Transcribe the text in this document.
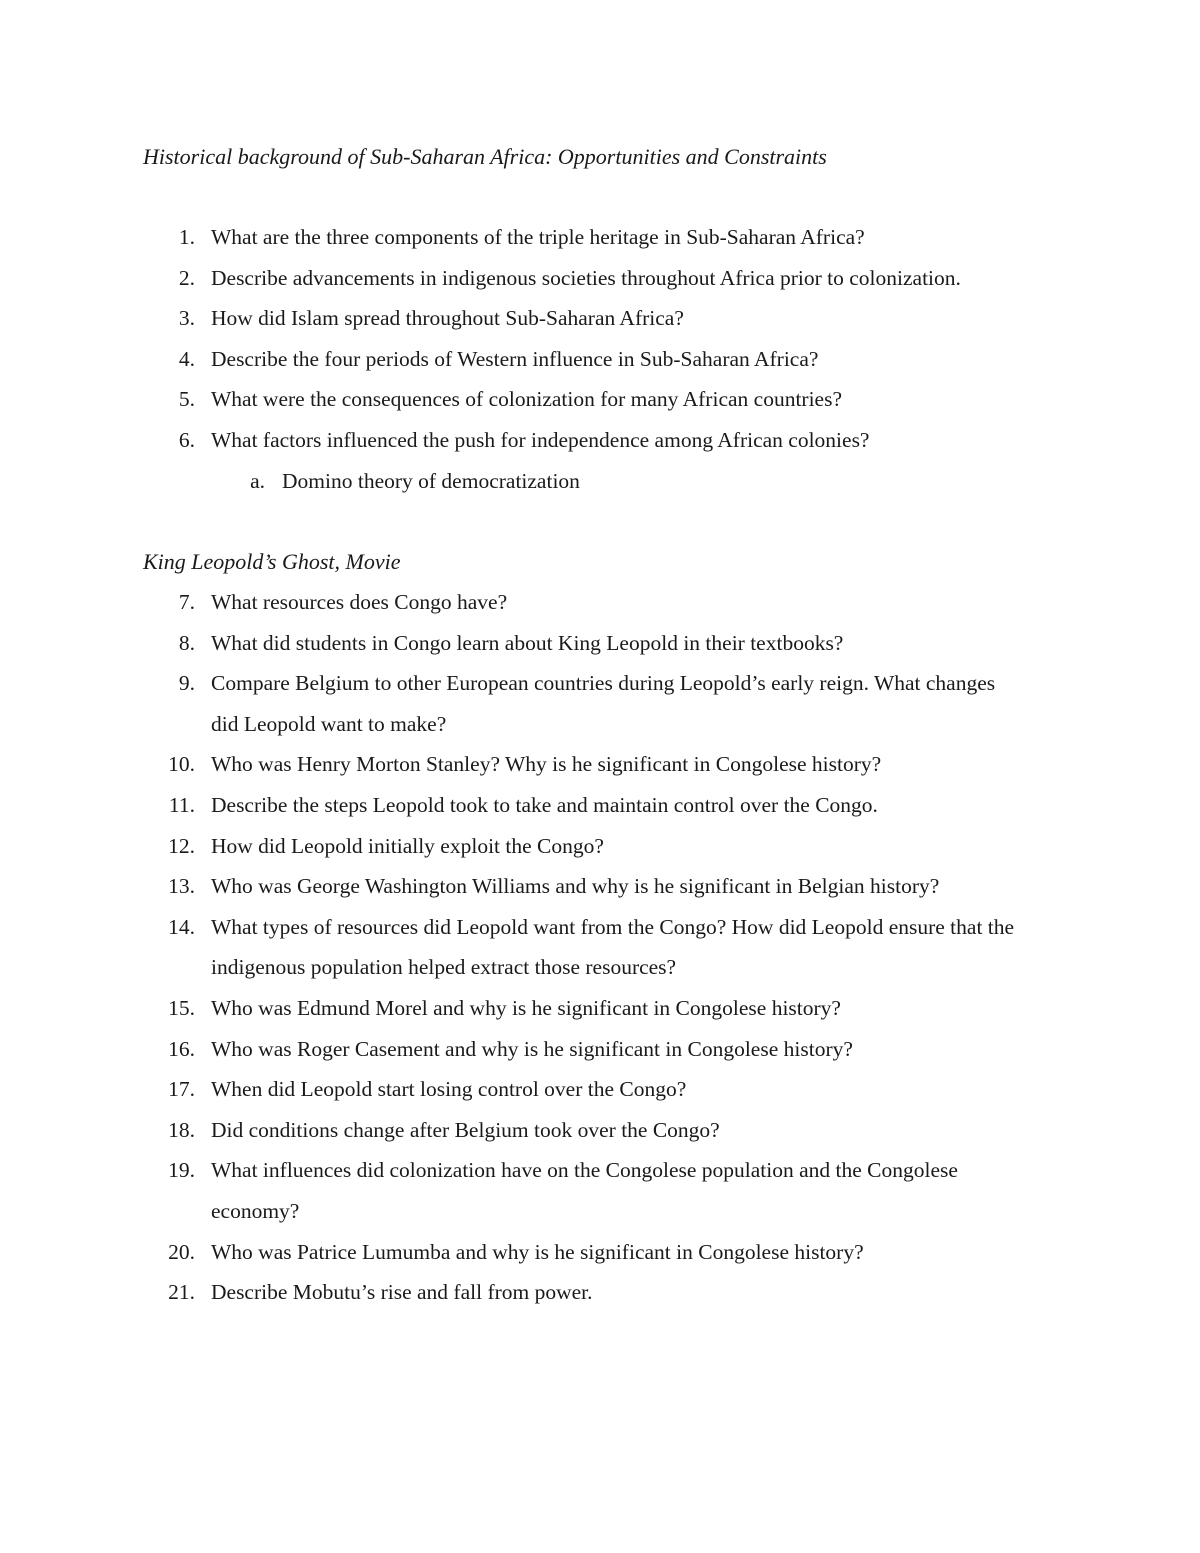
Historical background of Sub-Saharan Africa: Opportunities and Constraints
1. What are the three components of the triple heritage in Sub-Saharan Africa?
2. Describe advancements in indigenous societies throughout Africa prior to colonization.
3. How did Islam spread throughout Sub-Saharan Africa?
4. Describe the four periods of Western influence in Sub-Saharan Africa?
5. What were the consequences of colonization for many African countries?
6. What factors influenced the push for independence among African colonies?
a. Domino theory of democratization
King Leopold’s Ghost, Movie
7. What resources does Congo have?
8. What did students in Congo learn about King Leopold in their textbooks?
9. Compare Belgium to other European countries during Leopold’s early reign. What changes did Leopold want to make?
10. Who was Henry Morton Stanley? Why is he significant in Congolese history?
11. Describe the steps Leopold took to take and maintain control over the Congo.
12. How did Leopold initially exploit the Congo?
13. Who was George Washington Williams and why is he significant in Belgian history?
14. What types of resources did Leopold want from the Congo? How did Leopold ensure that the indigenous population helped extract those resources?
15. Who was Edmund Morel and why is he significant in Congolese history?
16. Who was Roger Casement and why is he significant in Congolese history?
17. When did Leopold start losing control over the Congo?
18. Did conditions change after Belgium took over the Congo?
19. What influences did colonization have on the Congolese population and the Congolese economy?
20. Who was Patrice Lumumba and why is he significant in Congolese history?
21. Describe Mobutu’s rise and fall from power.
